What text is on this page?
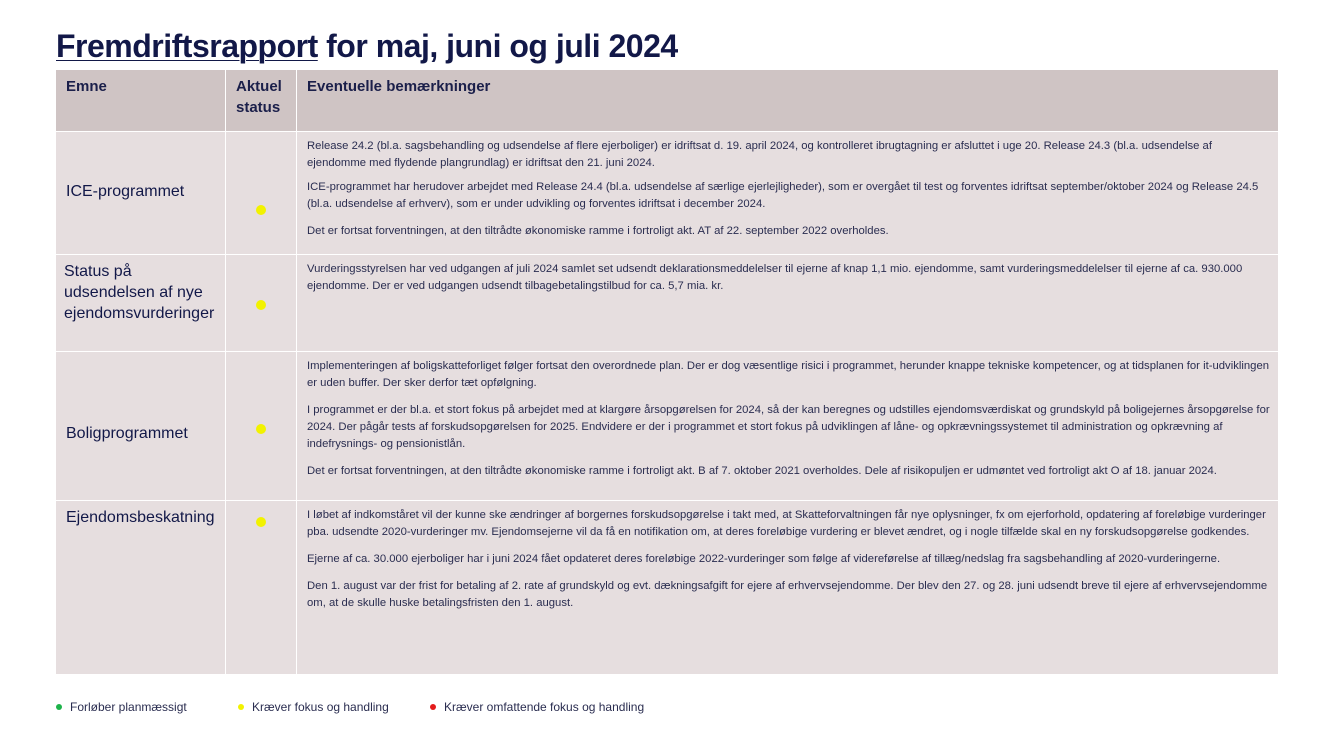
Fremdriftsrapport for maj, juni og juli 2024
Emne	Aktuel status	Eventuelle bemærkninger

ICE-programmet		Release 24.2 (bl.a. sagsbehandling og udsendelse af flere ejerboliger) er idriftsat d. 19. april 2024, og kontrolleret ibrugtagning er afsluttet i uge 20. Release 24.3 (bl.a. udsendelse af ejendomme med flydende plangrundlag) er idriftsat den 21. juni 2024.

ICE-programmet har herudover arbejdet med Release 24.4 (bl.a. udsendelse af særlige ejerlejligheder), som er overgået til test og forventes idriftsat september/oktober 2024 og Release 24.5 (bl.a. udsendelse af erhverv), som er under udvikling og forventes idriftsat i december 2024.

Det er fortsat forventningen, at den tiltrådte økonomiske ramme i fortroligt akt. AT af 22. september 2022 overholdes.

Status på udsendelsen af nye ejendomsvurderinger		Vurderingsstyrelsen har ved udgangen af juli 2024 samlet set udsendt deklarationsmeddelelser til ejerne af knap 1,1 mio. ejendomme, samt vurderingsmeddelelser til ejerne af ca. 930.000 ejendomme. Der er ved udgangen udsendt tilbagebetalingstilbud for ca. 5,7 mia. kr.

Boligprogrammet		Implementeringen af boligskatteforliget følger fortsat den overordnede plan. Der er dog væsentlige risici i programmet, herunder knappe tekniske kompetencer, og at tidsplanen for it-udviklingen er uden buffer. Der sker derfor tæt opfølgning.

I programmet er der bl.a. et stort fokus på arbejdet med at klargøre årsopgørelsen for 2024, så der kan beregnes og udstilles ejendomsværdiskat og grundskyld på boligejernes årsopgørelse for 2024. Der pågår tests af forskudsopgørelsen for 2025. Endvidere er der i programmet et stort fokus på udviklingen af låne- og opkrævningssystemet til administration og opkrævning af indefrysnings- og pensionistlån.

Det er fortsat forventningen, at den tiltrådte økonomiske ramme i fortroligt akt. B af 7. oktober 2021 overholdes. Dele af risikopuljen er udmøntet ved fortroligt akt O af 18. januar 2024.

Ejendomsbeskatning		I løbet af indkomståret vil der kunne ske ændringer af borgernes forskudsopgørelse i takt med, at Skatteforvaltningen får nye oplysninger, fx om ejerforhold, opdatering af foreløbige vurderinger pba. udsendte 2020-vurderinger mv. Ejendomsejerne vil da få en notifikation om, at deres foreløbige vurdering er blevet ændret, og i nogle tilfælde skal en ny forskudsopgørelse godkendes.

Ejerne af ca. 30.000 ejerboliger har i juni 2024 fået opdateret deres foreløbige 2022-vurderinger som følge af videreførelse af tillæg/nedslag fra sagsbehandling af 2020-vurderingerne.

Den 1. august var der frist for betaling af 2. rate af grundskyld og evt. dækningsafgift for ejere af erhvervsejendomme. Der blev den 27. og 28. juni udsendt breve til ejere af erhvervsejendomme om, at de skulle huske betalingsfristen den 1. august.

Forløber planmæssigt	Kræver fokus og handling	Kræver omfattende fokus og handling
